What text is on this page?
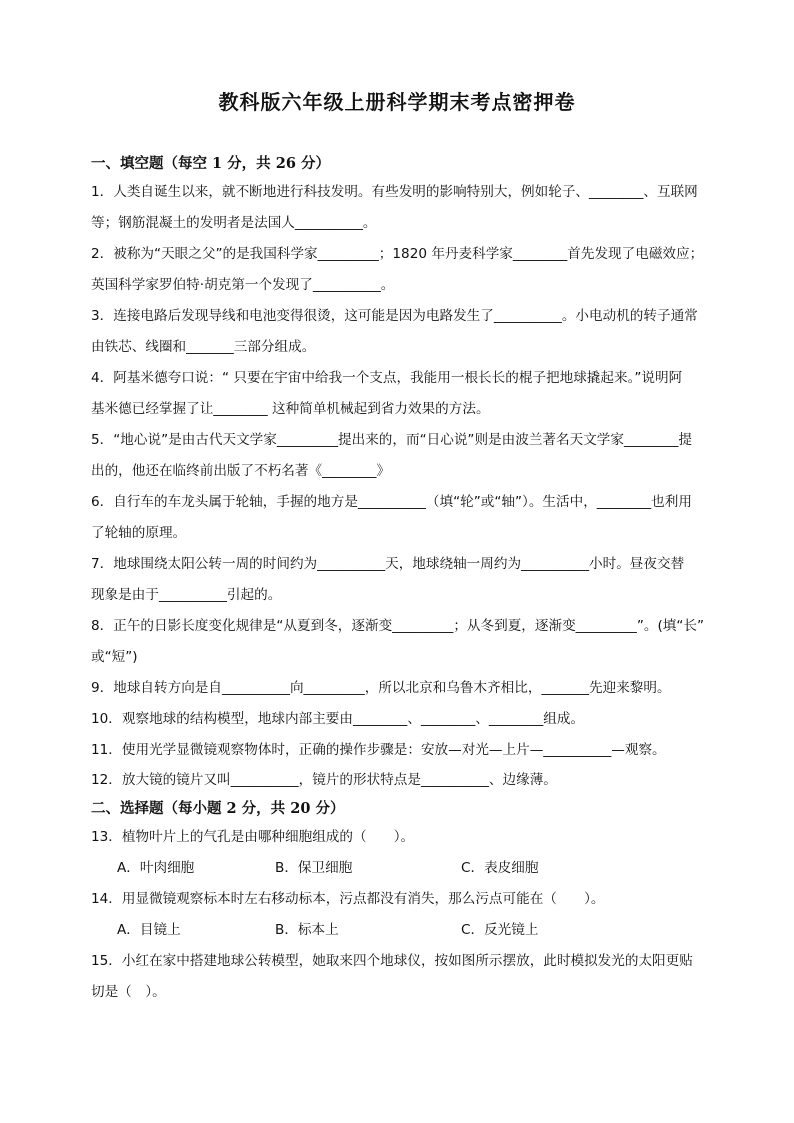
教科版六年级上册科学期末考点密押卷
一、填空题（每空 1 分，共 26 分）
1．人类自诞生以来，就不断地进行科技发明。有些发明的影响特别大，例如轮子、________、互联网
等；钢筋混凝土的发明者是法国人__________。
2．被称为“天眼之父”的是我国科学家_________；1820 年丹麦科学家________首先发现了电磁效应；
英国科学家罗伯特·胡克第一个发现了__________。
3．连接电路后发现导线和电池变得很烫，这可能是因为电路发生了__________。小电动机的转子通常
由铁芯、线圈和_______三部分组成。
4．阿基米德夸口说：“ 只要在宇宙中给我一个支点，我能用一根长长的棍子把地球撬起来。”说明阿
基米德已经掌握了让________ 这种简单机械起到省力效果的方法。
5．“地心说”是由古代天文学家_________提出来的，而“日心说”则是由波兰著名天文学家________提
出的，他还在临终前出版了不朽名著《________》
6．自行车的车龙头属于轮轴，手握的地方是__________（填“轮”或“轴”）。生活中，________也利用
了轮轴的原理。
7．地球围绕太阳公转一周的时间约为__________天，地球绕轴一周约为__________小时。昼夜交替
现象是由于__________引起的。
8．正午的日影长度变化规律是“从夏到冬，逐渐变_________；从冬到夏，逐渐变_________”。(填“长”
或“短”)
9．地球自转方向是自__________向_________，所以北京和乌鲁木齐相比，_______先迎来黎明。
10．观察地球的结构模型，地球内部主要由________、________、________组成。
11．使用光学显微镜观察物体时，正确的操作步骤是：安放—对光—上片—__________—观察。
12．放大镜的镜片又叫__________，镜片的形状特点是__________、边缘薄。
二、选择题（每小题 2 分，共 20 分）
13．植物叶片上的气孔是由哪种细胞组成的（　　）。
A．叶肉细胞	B．保卫细胞	C．表皮细胞
14．用显微镜观察标本时左右移动标本，污点都没有消失，那么污点可能在（　　）。
A．目镜上	B．标本上	C．反光镜上
15．小红在家中搭建地球公转模型，她取来四个地球仪，按如图所示摆放，此时模拟发光的太阳更贴
切是（　）。
